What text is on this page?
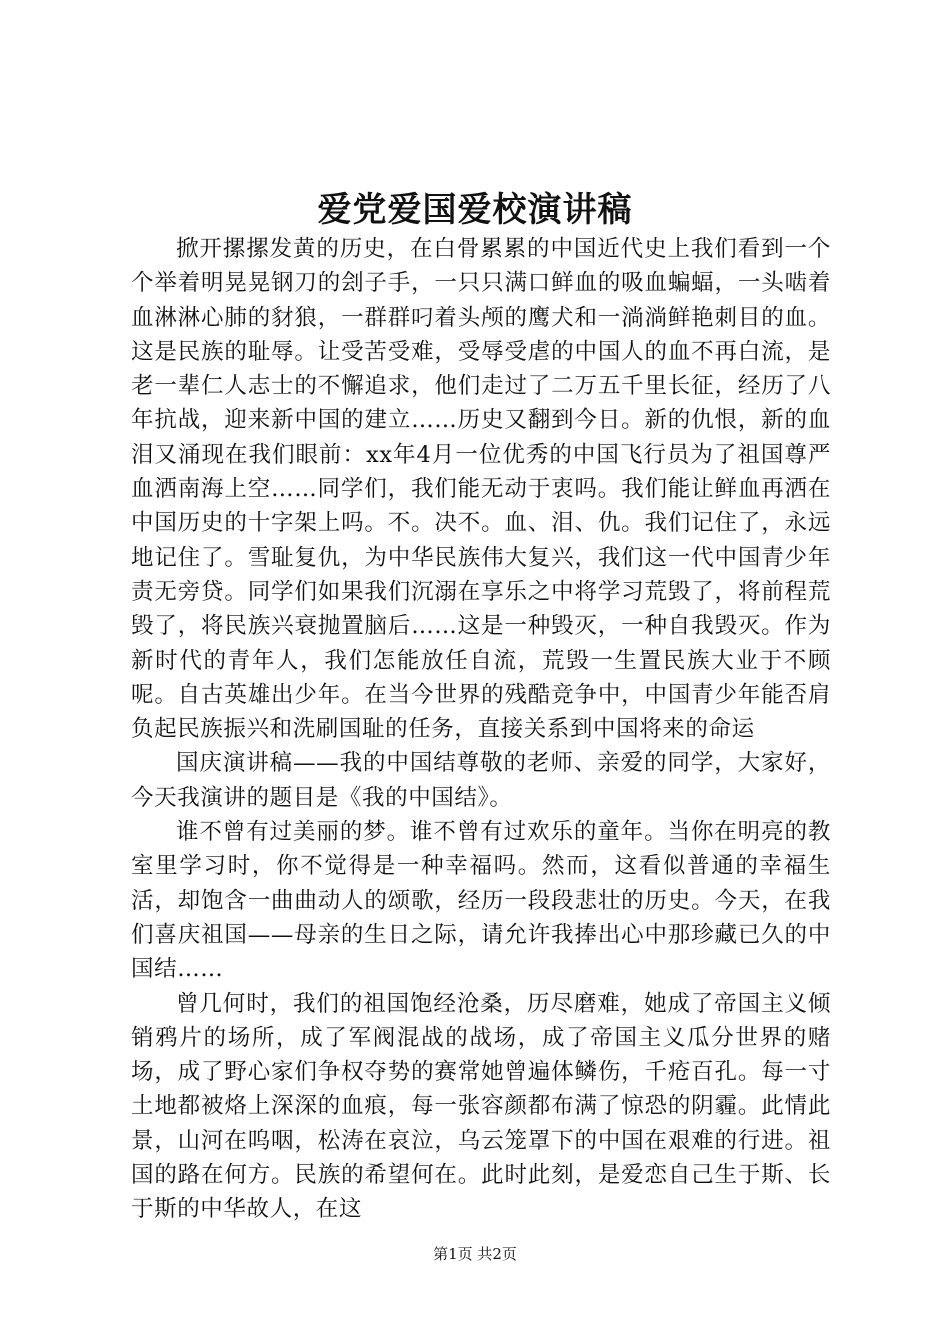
爱党爱国爱校演讲稿

掀开摞摞发黄的历史，在白骨累累的中国近代史上我们看到一个个举着明晃晃钢刀的刽子手，一只只满口鲜血的吸血蝙蝠，一头啮着血淋淋心肺的豺狼，一群群叼着头颅的鹰犬和一淌淌鲜艳刺目的血。这是民族的耻辱。让受苦受难，受辱受虐的中国人的血不再白流，是老一辈仁人志士的不懈追求，他们走过了二万五千里长征，经历了八年抗战，迎来新中国的建立……历史又翻到今日。新的仇恨，新的血泪又涌现在我们眼前：xx年4月一位优秀的中国飞行员为了祖国尊严血洒南海上空……同学们，我们能无动于衷吗。我们能让鲜血再洒在中国历史的十字架上吗。不。决不。血、泪、仇。我们记住了，永远地记住了。雪耻复仇，为中华民族伟大复兴，我们这一代中国青少年责无旁贷。同学们如果我们沉溺在享乐之中将学习荒毁了，将前程荒毁了，将民族兴衰抛置脑后……这是一种毁灭，一种自我毁灭。作为新时代的青年人，我们怎能放任自流，荒毁一生置民族大业于不顾呢。自古英雄出少年。在当今世界的残酷竞争中，中国青少年能否肩负起民族振兴和洗刷国耻的任务，直接关系到中国将来的命运

国庆演讲稿——我的中国结尊敬的老师、亲爱的同学，大家好，今天我演讲的题目是《我的中国结》。

谁不曾有过美丽的梦。谁不曾有过欢乐的童年。当你在明亮的教室里学习时，你不觉得是一种幸福吗。然而，这看似普通的幸福生活，却饱含一曲曲动人的颂歌，经历一段段悲壮的历史。今天，在我们喜庆祖国——母亲的生日之际，请允许我捧出心中那珍藏已久的中国结……

曾几何时，我们的祖国饱经沧桑，历尽磨难，她成了帝国主义倾销鸦片的场所，成了军阀混战的战场，成了帝国主义瓜分世界的赌场，成了野心家们争权夺势的赛常她曾遍体鳞伤，千疮百孔。每一寸土地都被烙上深深的血痕，每一张容颜都布满了惊恐的阴霾。此情此景，山河在呜咽，松涛在哀泣，乌云笼罩下的中国在艰难的行进。祖国的路在何方。民族的希望何在。此时此刻，是爱恋自己生于斯、长于斯的中华故人，在这

第1页 共2页
